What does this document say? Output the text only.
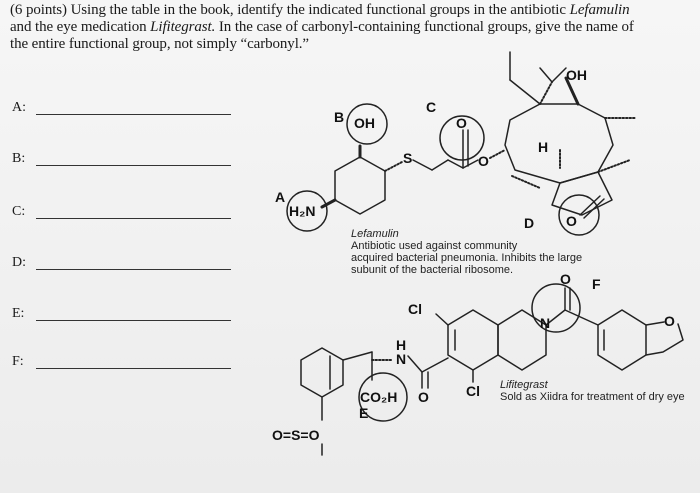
(6 points) Using the table in the book, identify the indicated functional groups in the antibiotic Lefamulin and the eye medication Lifitegrast. In the case of carbonyl-containing functional groups, give the name of the entire functional group, not simply “carbonyl.”
A:
B:
C:
D:
E:
F:
OH
OH
H₂N
S
H
O
O
O
Cl
Cl
H
N
N
O
O
O
CO₂H
O=S=O
B
A
C
D
F
E
Lefamulin
Antibiotic used against community
acquired bacterial pneumonia. Inhibits the large
subunit of the bacterial ribosome.
Lifitegrast
Sold as Xiidra for treatment of dry eye
